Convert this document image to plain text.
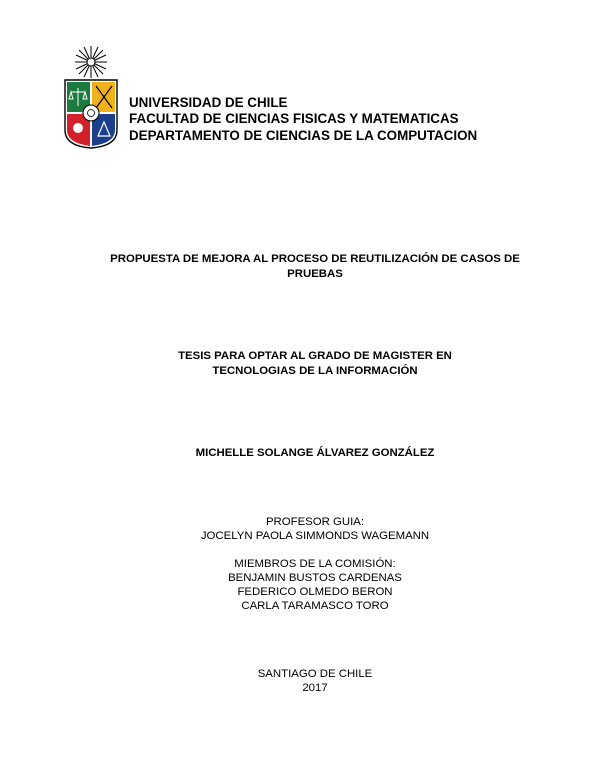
UNIVERSIDAD DE CHILE
FACULTAD DE CIENCIAS FISICAS Y MATEMATICAS
DEPARTAMENTO DE CIENCIAS DE LA COMPUTACION
PROPUESTA DE MEJORA AL PROCESO DE REUTILIZACIÓN DE CASOS DE
PRUEBAS
TESIS PARA OPTAR AL GRADO DE MAGISTER EN
TECNOLOGIAS DE LA INFORMACIÓN
MICHELLE SOLANGE ÁLVAREZ GONZÁLEZ
PROFESOR GUIA:
JOCELYN PAOLA SIMMONDS WAGEMANN
MIEMBROS DE LA COMISIÓN:
BENJAMIN BUSTOS CARDENAS
FEDERICO OLMEDO BERON
CARLA TARAMASCO TORO
SANTIAGO DE CHILE
2017
